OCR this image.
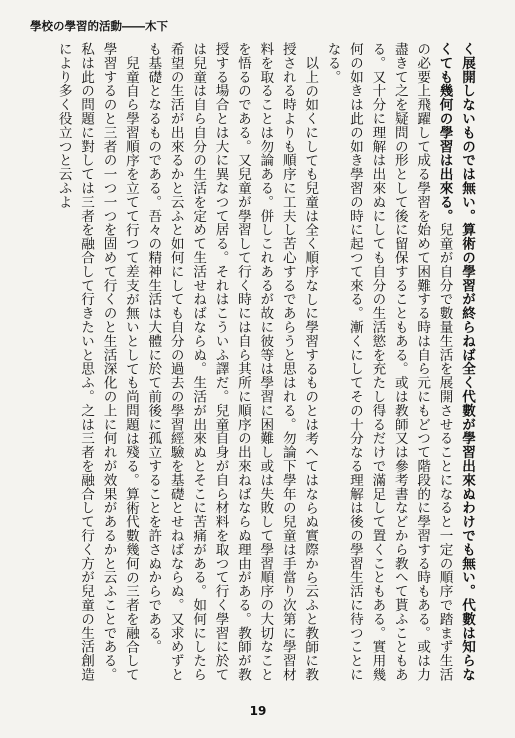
學校の學習的活動――木下

く展開しないものでは無い。算術の學習が終らねば全く代數が學習出來ぬわけでも無い。代數は知らなくても幾何の學習は出來る。兒童が自分で數量生活を展開させることになると一定の順序で踏まず生活の必要上飛躍して成る學習を始めて困難する時は自ら元にもどつて階段的に學習する時もある。或は力盡きて之を疑問の形として後に留保することもある。或は教師又は參考書などから教へて貰ふこともある。又十分に理解は出來ぬにしても自分の生活慾を充たし得るだけで滿足して置くこともある。實用幾何の如きは此の如き學習の時に起つて來る。漸くにしてその十分なる理解は後の學習生活に待つことになる。

以上の如くにしても兒童は全く順序なしに學習するものとは考へてはならぬ實際から云ふと教師に教授される時よりも順序に工夫し苦心するであらうと思はれる。勿論下學年の兒童は手當り次第に學習材料を取ることは勿論ある。併しこれあるが故に彼等は學習に困難し或は失敗して學習順序の大切なことを悟るのである。又兒童が學習して行く時には自ら其所に順序の出來ねばならぬ理由がある。教師が教授する場合とは大に異なつて居る。それはこういふ譯だ。兒童自身が自ら材料を取つて行く學習に於ては兒童は自ら自分の生活を定めて生活せねばならぬ。生活が出來ぬとそこに苦痛がある。如何にしたら希望の生活が出來るかと云ふと如何にしても自分の過去の學習經驗を基礎とせねばならぬ。又求めずとも基礎となるものである。吾々の精神生活は大體に於て前後に孤立することを許さぬからである。

兒童自ら學習順序を立てて行つて差支が無いとしても尚問題は殘る。算術代數幾何の三者を融合して學習するのと三者の一つ一つを固めて行くのと生活深化の上に何れが效果があるかと云ふことである。私は此の問題に對しては三者を融合して行きたいと思ふ。之は三者を融合して行く方が兒童の生活創造により多く役立つと云ふよ

19
